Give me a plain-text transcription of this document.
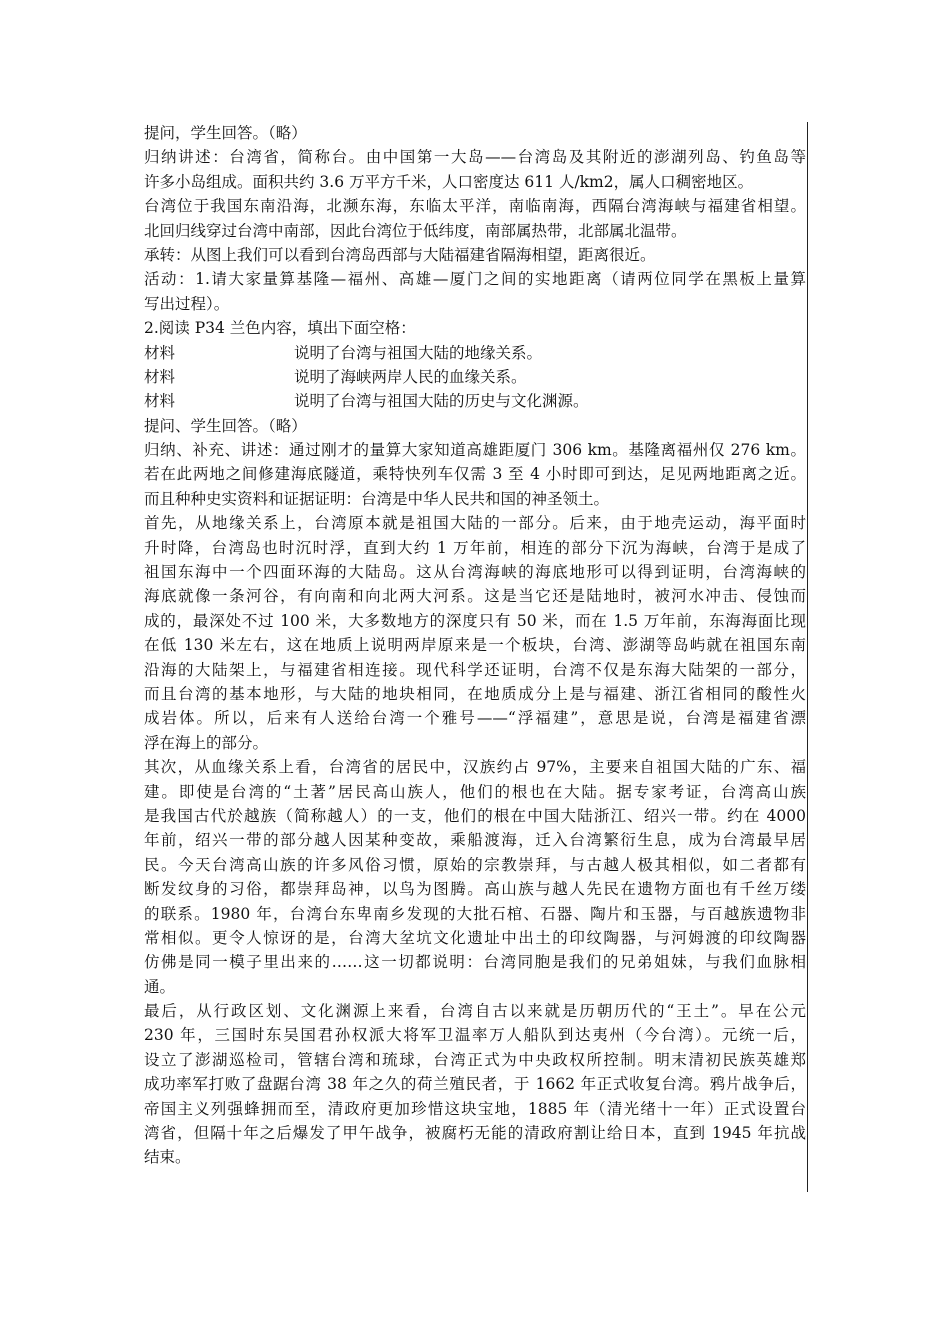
提问，学生回答。（略）
归纳讲述：台湾省，简称台。由中国第一大岛——台湾岛及其附近的澎湖列岛、钓鱼岛等
许多小岛组成。面积共约 3.6 万平方千米，人口密度达 611 人/km2，属人口稠密地区。
台湾位于我国东南沿海，北濒东海，东临太平洋，南临南海，西隔台湾海峡与福建省相望。
北回归线穿过台湾中南部，因此台湾位于低纬度，南部属热带，北部属北温带。
承转：从图上我们可以看到台湾岛西部与大陆福建省隔海相望，距离很近。
活动：1.请大家量算基隆—福州、高雄—厦门之间的实地距离（请两位同学在黑板上量算
写出过程）。
2.阅读 P34 兰色内容，填出下面空格：
材料	说明了台湾与祖国大陆的地缘关系。
材料	说明了海峡两岸人民的血缘关系。
材料	说明了台湾与祖国大陆的历史与文化渊源。
提问、学生回答。（略）
归纳、补充、讲述：通过刚才的量算大家知道高雄距厦门 306 km。基隆离福州仅 276 km。
若在此两地之间修建海底隧道，乘特快列车仅需 3 至 4 小时即可到达，足见两地距离之近。
而且种种史实资料和证据证明：台湾是中华人民共和国的神圣领土。
首先，从地缘关系上，台湾原本就是祖国大陆的一部分。后来，由于地壳运动，海平面时
升时降，台湾岛也时沉时浮，直到大约 1 万年前，相连的部分下沉为海峡，台湾于是成了
祖国东海中一个四面环海的大陆岛。这从台湾海峡的海底地形可以得到证明，台湾海峡的
海底就像一条河谷，有向南和向北两大河系。这是当它还是陆地时，被河水冲击、侵蚀而
成的，最深处不过 100 米，大多数地方的深度只有 50 米，而在 1.5 万年前，东海海面比现
在低 130 米左右，这在地质上说明两岸原来是一个板块，台湾、澎湖等岛屿就在祖国东南
沿海的大陆架上，与福建省相连接。现代科学还证明，台湾不仅是东海大陆架的一部分，
而且台湾的基本地形，与大陆的地块相同，在地质成分上是与福建、浙江省相同的酸性火
成岩体。所以，后来有人送给台湾一个雅号——“浮福建”，意思是说，台湾是福建省漂
浮在海上的部分。
其次，从血缘关系上看，台湾省的居民中，汉族约占 97%，主要来自祖国大陆的广东、福
建。即使是台湾的“土著”居民高山族人，他们的根也在大陆。据专家考证，台湾高山族
是我国古代於越族（简称越人）的一支，他们的根在中国大陆浙江、绍兴一带。约在 4000
年前，绍兴一带的部分越人因某种变故，乘船渡海，迁入台湾繁衍生息，成为台湾最早居
民。今天台湾高山族的许多风俗习惯，原始的宗教崇拜，与古越人极其相似，如二者都有
断发纹身的习俗，都崇拜岛神，以鸟为图腾。高山族与越人先民在遗物方面也有千丝万缕
的联系。1980 年，台湾台东卑南乡发现的大批石棺、石器、陶片和玉器，与百越族遗物非
常相似。更令人惊讶的是，台湾大坌坑文化遗址中出土的印纹陶器，与河姆渡的印纹陶器
仿佛是同一模子里出来的……这一切都说明：台湾同胞是我们的兄弟姐妹，与我们血脉相
通。
最后，从行政区划、文化渊源上来看，台湾自古以来就是历朝历代的“王土”。早在公元
230 年，三国时东吴国君孙权派大将军卫温率万人船队到达夷州（今台湾）。元统一后，
设立了澎湖巡检司，管辖台湾和琉球，台湾正式为中央政权所控制。明末清初民族英雄郑
成功率军打败了盘踞台湾 38 年之久的荷兰殖民者，于 1662 年正式收复台湾。鸦片战争后，
帝国主义列强蜂拥而至，清政府更加珍惜这块宝地，1885 年（清光绪十一年）正式设置台
湾省，但隔十年之后爆发了甲午战争，被腐朽无能的清政府割让给日本，直到 1945 年抗战
结束。
